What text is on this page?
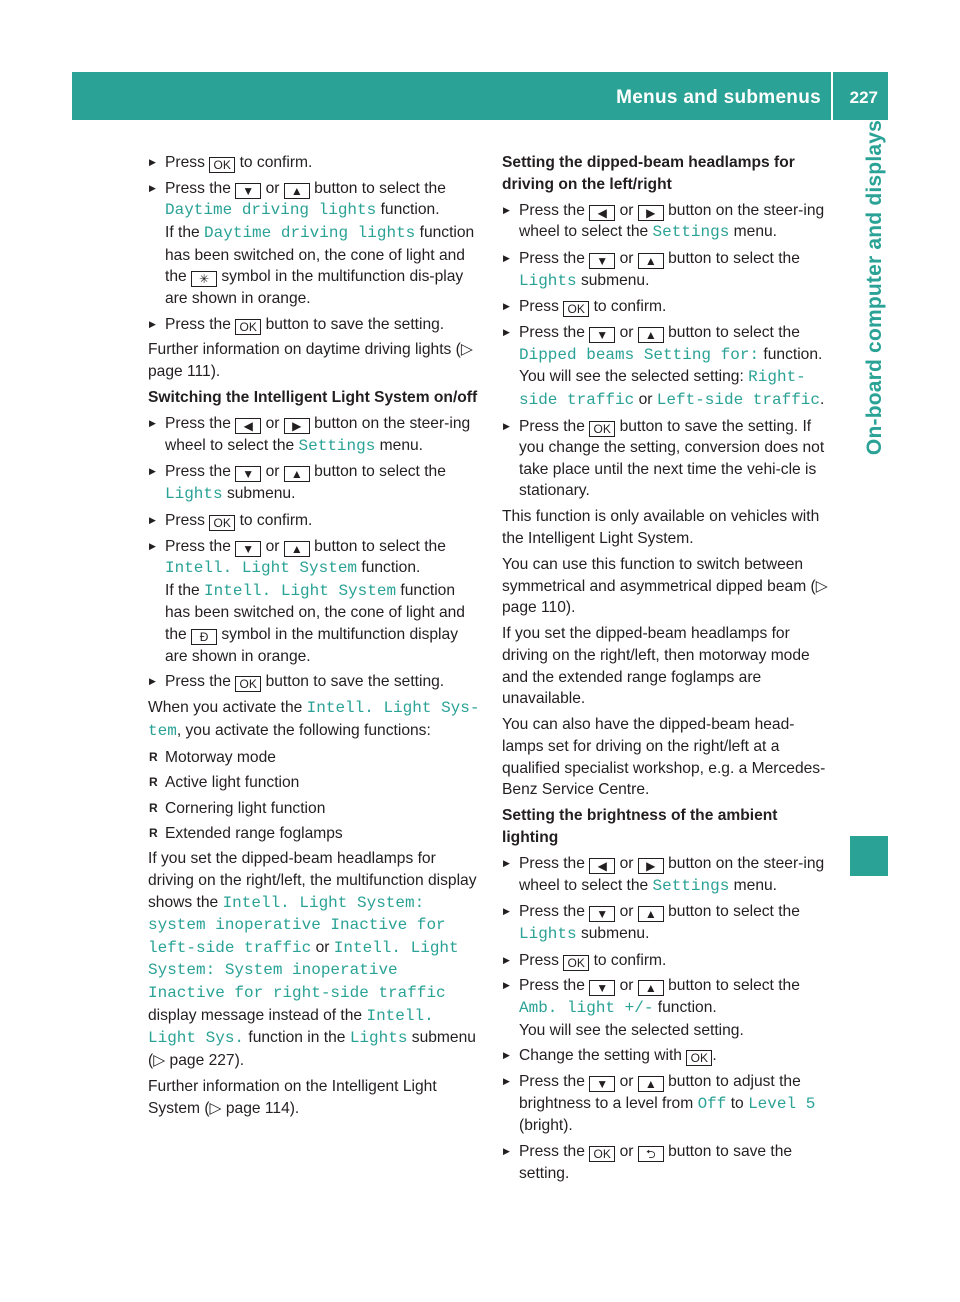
Menus and submenus 227
On-board computer and displays
▶ Press OK to confirm.
▶ Press the ▼ or ▲ button to select the Daytime driving lights function.
If the Daytime driving lights function has been switched on, the cone of light and the ✳ symbol in the multifunction dis-play are shown in orange.
▶ Press the OK button to save the setting.

Further information on daytime driving lights (▷ page 111).

Switching the Intelligent Light System on/off
▶ Press the ◀ or ▶ button on the steer-ing wheel to select the Settings menu.
▶ Press the ▼ or ▲ button to select the Lights submenu.
▶ Press OK to confirm.
▶ Press the ▼ or ▲ button to select the Intell. Light System function.
If the Intell. Light System function has been switched on, the cone of light and the Ð symbol in the multifunction display are shown in orange.
▶ Press the OK button to save the setting.

When you activate the Intell. Light Sys‐tem, you activate the following functions:

R Motorway mode
R Active light function
R Cornering light function
R Extended range foglamps

If you set the dipped-beam headlamps for driving on the right/left, the multifunction display shows the Intell. Light System: system inoperative Inactive for left-side traffic or Intell. Light System: System inoperative Inactive for right-side traffic display message instead of the Intell. Light Sys. function in the Lights submenu (▷ page 227).

Further information on the Intelligent Light System (▷ page 114).

Setting the dipped-beam headlamps for driving on the left/right
▶ Press the ◀ or ▶ button on the steer-ing wheel to select the Settings menu.
▶ Press the ▼ or ▲ button to select the Lights submenu.
▶ Press OK to confirm.
▶ Press the ▼ or ▲ button to select the Dipped beams Setting for: function.
You will see the selected setting: Right-side traffic or Left-side traffic.
▶ Press the OK button to save the setting. If you change the setting, conversion does not take place until the next time the vehi-cle is stationary.

This function is only available on vehicles with the Intelligent Light System.

You can use this function to switch between symmetrical and asymmetrical dipped beam (▷ page 110).

If you set the dipped-beam headlamps for driving on the right/left, then motorway mode and the extended range foglamps are unavailable.

You can also have the dipped-beam head-lamps set for driving on the right/left at a qualified specialist workshop, e.g. a Mercedes-Benz Service Centre.

Setting the brightness of the ambient lighting
▶ Press the ◀ or ▶ button on the steer-ing wheel to select the Settings menu.
▶ Press the ▼ or ▲ button to select the Lights submenu.
▶ Press OK to confirm.
▶ Press the ▼ or ▲ button to select the Amb. light +/- function.
You will see the selected setting.
▶ Change the setting with OK .
▶ Press the ▼ or ▲ button to adjust the brightness to a level from Off to Level 5 (bright).
▶ Press the OK or ⮌ button to save the setting.
